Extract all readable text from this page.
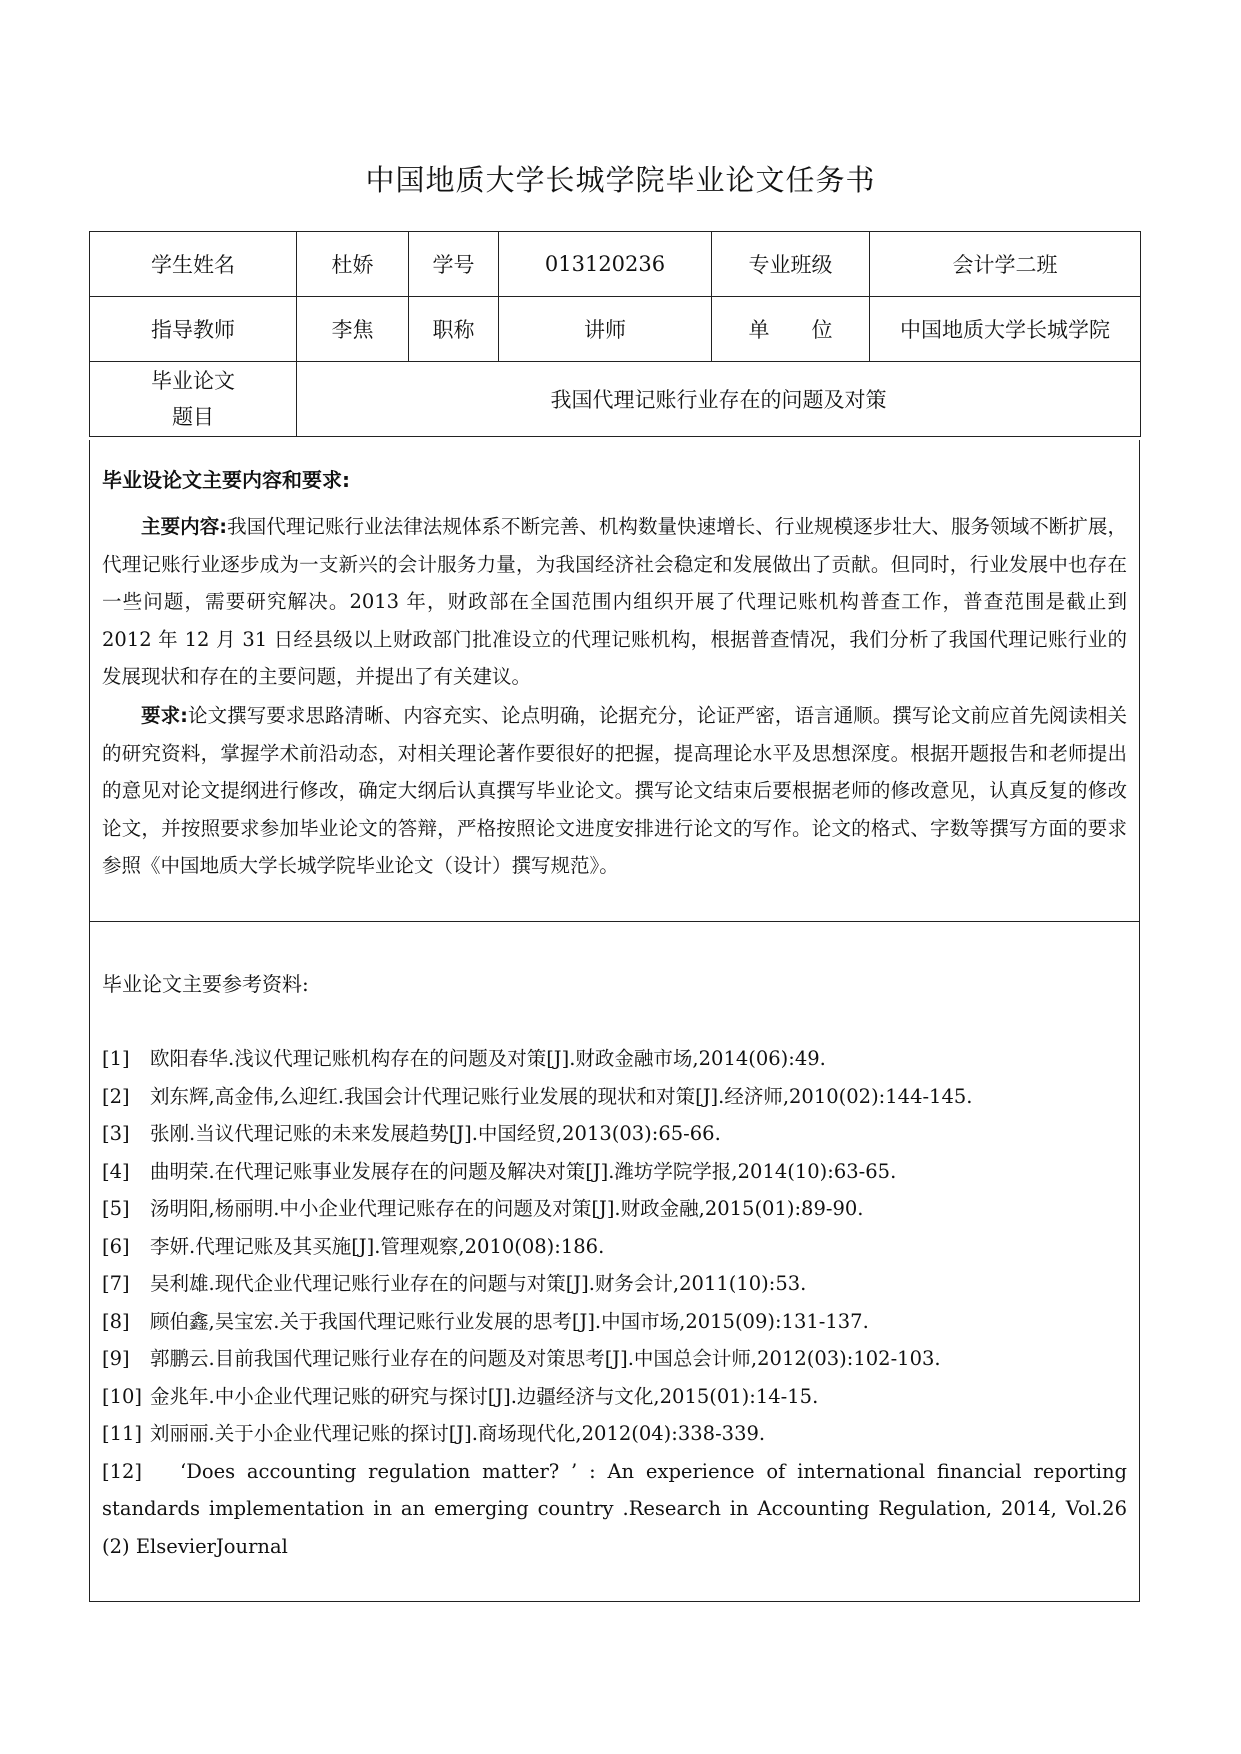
中国地质大学长城学院毕业论文任务书
学生姓名	杜娇	学号	013120236	专业班级	会计学二班
指导教师	李焦	职称	讲师	单　　位	中国地质大学长城学院

毕业论文
题目	我国代理记账行业存在的问题及对策				
毕业设论文主要内容和要求:

主要内容:我国代理记账行业法律法规体系不断完善、机构数量快速增长、行业规模逐步壮大、服务领域不断扩展，代理记账行业逐步成为一支新兴的会计服务力量，为我国经济社会稳定和发展做出了贡献。但同时，行业发展中也存在一些问题，需要研究解决。2013 年，财政部在全国范围内组织开展了代理记账机构普查工作，普查范围是截止到 2012 年 12 月 31 日经县级以上财政部门批准设立的代理记账机构，根据普查情况，我们分析了我国代理记账行业的发展现状和存在的主要问题，并提出了有关建议。

要求:论文撰写要求思路清晰、内容充实、论点明确，论据充分，论证严密，语言通顺。撰写论文前应首先阅读相关的研究资料，掌握学术前沿动态，对相关理论著作要很好的把握，提高理论水平及思想深度。根据开题报告和老师提出的意见对论文提纲进行修改，确定大纲后认真撰写毕业论文。撰写论文结束后要根据老师的修改意见，认真反复的修改论文，并按照要求参加毕业论文的答辩，严格按照论文进度安排进行论文的写作。论文的格式、字数等撰写方面的要求参照《中国地质大学长城学院毕业论文（设计）撰写规范》。

毕业论文主要参考资料:
[1]	欧阳春华.浅议代理记账机构存在的问题及对策[J].财政金融市场,2014(06):49.
[2]	刘东辉,高金伟,么迎红.我国会计代理记账行业发展的现状和对策[J].经济师,2010(02):144-145.
[3]	张刚.当议代理记账的未来发展趋势[J].中国经贸,2013(03):65-66.
[4]	曲明荣.在代理记账事业发展存在的问题及解决对策[J].潍坊学院学报,2014(10):63-65.
[5]	汤明阳,杨丽明.中小企业代理记账存在的问题及对策[J].财政金融,2015(01):89-90.
[6]	李妍.代理记账及其买施[J].管理观察,2010(08):186.
[7]	吴利雄.现代企业代理记账行业存在的问题与对策[J].财务会计,2011(10):53.
[8]	顾伯鑫,吴宝宏.关于我国代理记账行业发展的思考[J].中国市场,2015(09):131-137.
[9]	郭鹏云.目前我国代理记账行业存在的问题及对策思考[J].中国总会计师,2012(03):102-103.
[10] 金兆年.中小企业代理记账的研究与探讨[J].边疆经济与文化,2015(01):14-15.
[11] 刘丽丽.关于小企业代理记账的探讨[J].商场现代化,2012(04):338-339.
[12] ‘Does accounting regulation matter? ’ : An experience of international financial reporting standards implementation in an emerging country .Research in Accounting Regulation, 2014, Vol.26 (2) ElsevierJournal
